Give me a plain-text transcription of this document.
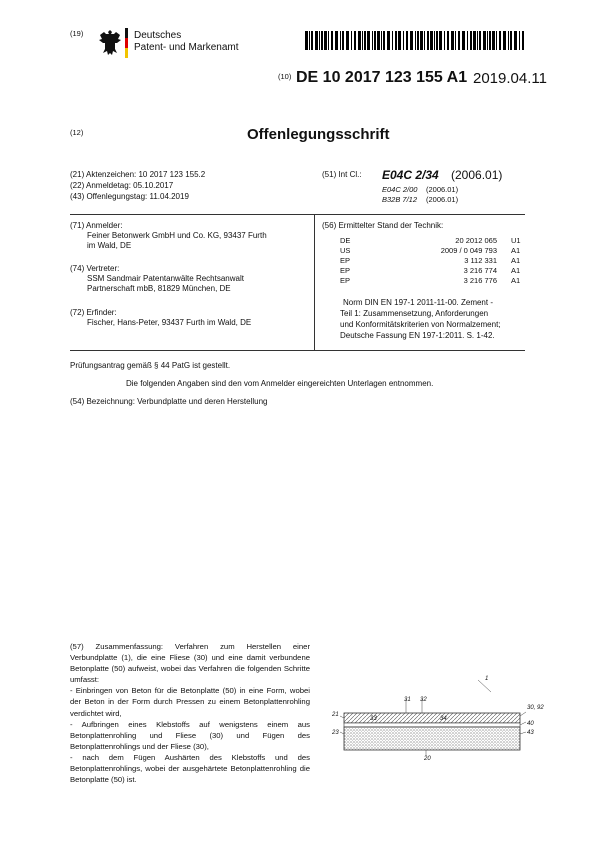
(19)	Deutsches
Patent- und Markenamt
(10) DE 10 2017 123 155 A1 2019.04.11
(12)	Offenlegungsschrift
(21) Aktenzeichen: 10 2017 123 155.2
(22) Anmeldetag: 05.10.2017
(43) Offenlegungstag: 11.04.2019
(51) Int Cl.: E04C 2/34 (2006.01)
E04C 2/00 (2006.01)
B32B 7/12 (2006.01)
(71) Anmelder:
Feiner Betonwerk GmbH und Co. KG, 93437 Furth
im Wald, DE
(74) Vertreter:
SSM Sandmair Patentanwälte Rechtsanwalt
Partnerschaft mbB, 81829 München, DE
(72) Erfinder:
Fischer, Hans-Peter, 93437 Furth im Wald, DE
(56) Ermittelter Stand der Technik:
DE	20 2012 065 U1
US	2009 / 0 049 793 A1
EP	3 112 331 A1
EP	3 216 774 A1
EP	3 216 776 A1
Norm DIN EN 197-1 2011-11-00. Zement -
Teil 1: Zusammensetzung, Anforderungen
und Konformitätskriterien von Normalzement;
Deutsche Fassung EN 197-1:2011. S. 1-42.
Prüfungsantrag gemäß § 44 PatG ist gestellt.
Die folgenden Angaben sind den vom Anmelder eingereichten Unterlagen entnommen.
(54) Bezeichnung: Verbundplatte und deren Herstellung
(57) Zusammenfassung: Verfahren zum Herstellen einer Verbundplatte (1), die eine Fliese (30) und eine damit verbundene Betonplatte (50) aufweist, wobei das Verfahren die folgenden Schritte umfasst:
- Einbringen von Beton für die Betonplatte (50) in eine Form, wobei der Beton in der Form durch Pressen zu einem Betonplattenrohling verdichtet wird,
- Aufbringen eines Klebstoffs auf wenigstens einem aus Betonplattenrohling und Fliese (30) und Fügen des Betonplattenrohlings und der Fliese (30),
- nach dem Fügen Aushärten des Klebstoffs und des Betonplattenrohlings, wobei der ausgehärtete Betonplattenrohling die Betonplatte (50) ist.
1
31 32
30, 92
33	34
40
43
21
23
20
